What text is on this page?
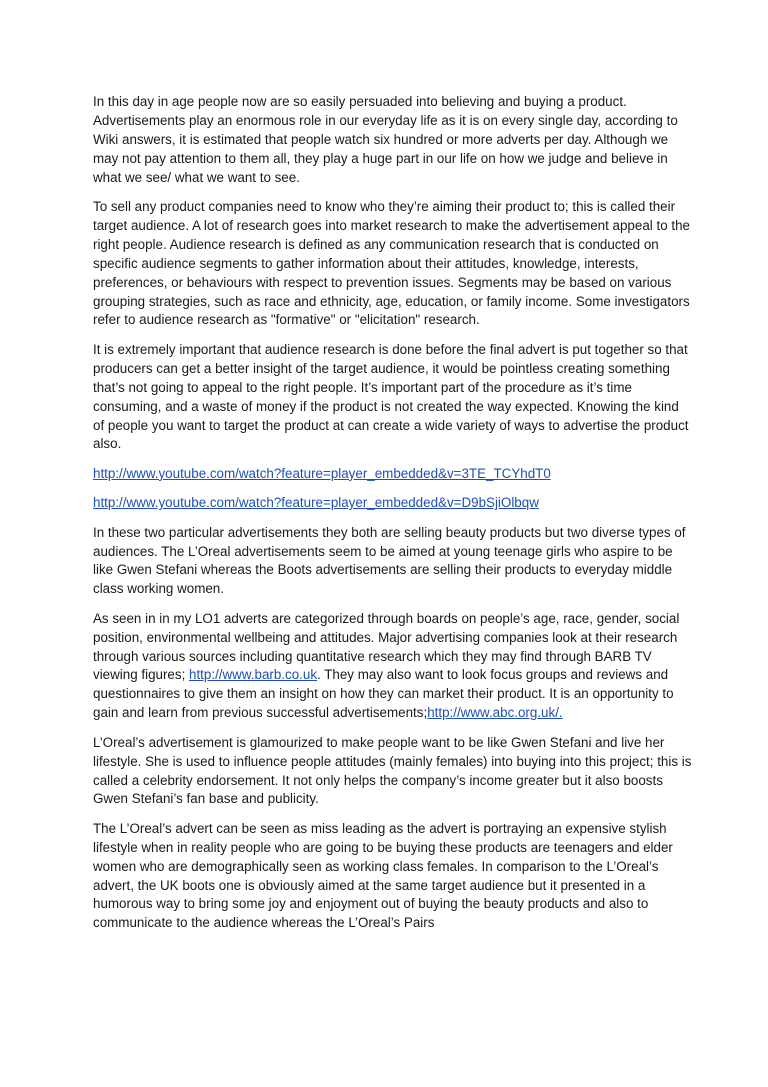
In this day in age people now are so easily persuaded into believing and buying a product. Advertisements play an enormous role in our everyday life as it is on every single day, according to Wiki answers, it is estimated that people watch six hundred or more adverts per day. Although we may not pay attention to them all, they play a huge part in our life on how we judge and believe in what we see/ what we want to see.

To sell any product companies need to know who they’re aiming their product to; this is called their target audience. A lot of research goes into market research to make the advertisement appeal to the right people. Audience research is defined as any communication research that is conducted on specific audience segments to gather information about their attitudes, knowledge, interests, preferences, or behaviours with respect to prevention issues. Segments may be based on various grouping strategies, such as race and ethnicity, age, education, or family income. Some investigators refer to audience research as "formative" or "elicitation" research.

It is extremely important that audience research is done before the final advert is put together so that producers can get a better insight of the target audience, it would be pointless creating something that’s not going to appeal to the right people. It’s important part of the procedure as it’s time consuming, and a waste of money if the product is not created the way expected. Knowing the kind of people you want to target the product at can create a wide variety of ways to advertise the product also.

http://www.youtube.com/watch?feature=player_embedded&v=3TE_TCYhdT0

http://www.youtube.com/watch?feature=player_embedded&v=D9bSjiOlbqw

In these two particular advertisements they both are selling beauty products but two diverse types of audiences. The L’Oreal advertisements seem to be aimed at young teenage girls who aspire to be like Gwen Stefani whereas the Boots advertisements are selling their products to everyday middle class working women.

As seen in in my LO1 adverts are categorized through boards on people’s age, race, gender, social position, environmental wellbeing and attitudes. Major advertising companies look at their research through various sources including quantitative research which they may find through BARB TV viewing figures; http://www.barb.co.uk. They may also want to look focus groups and reviews and questionnaires to give them an insight on how they can market their product. It is an opportunity to gain and learn from previous successful advertisements;http://www.abc.org.uk/.

L’Oreal’s advertisement is glamourized to make people want to be like Gwen Stefani and live her lifestyle. She is used to influence people attitudes (mainly females) into buying into this project; this is called a celebrity endorsement. It not only helps the company’s income greater but it also boosts Gwen Stefani’s fan base and publicity.

The L’Oreal’s advert can be seen as miss leading as the advert is portraying an expensive stylish lifestyle when in reality people who are going to be buying these products are teenagers and elder women who are demographically seen as working class females. In comparison to the L’Oreal’s advert, the UK boots one is obviously aimed at the same target audience but it presented in a humorous way to bring some joy and enjoyment out of buying the beauty products and also to communicate to the audience whereas the L’Oreal’s Pairs
